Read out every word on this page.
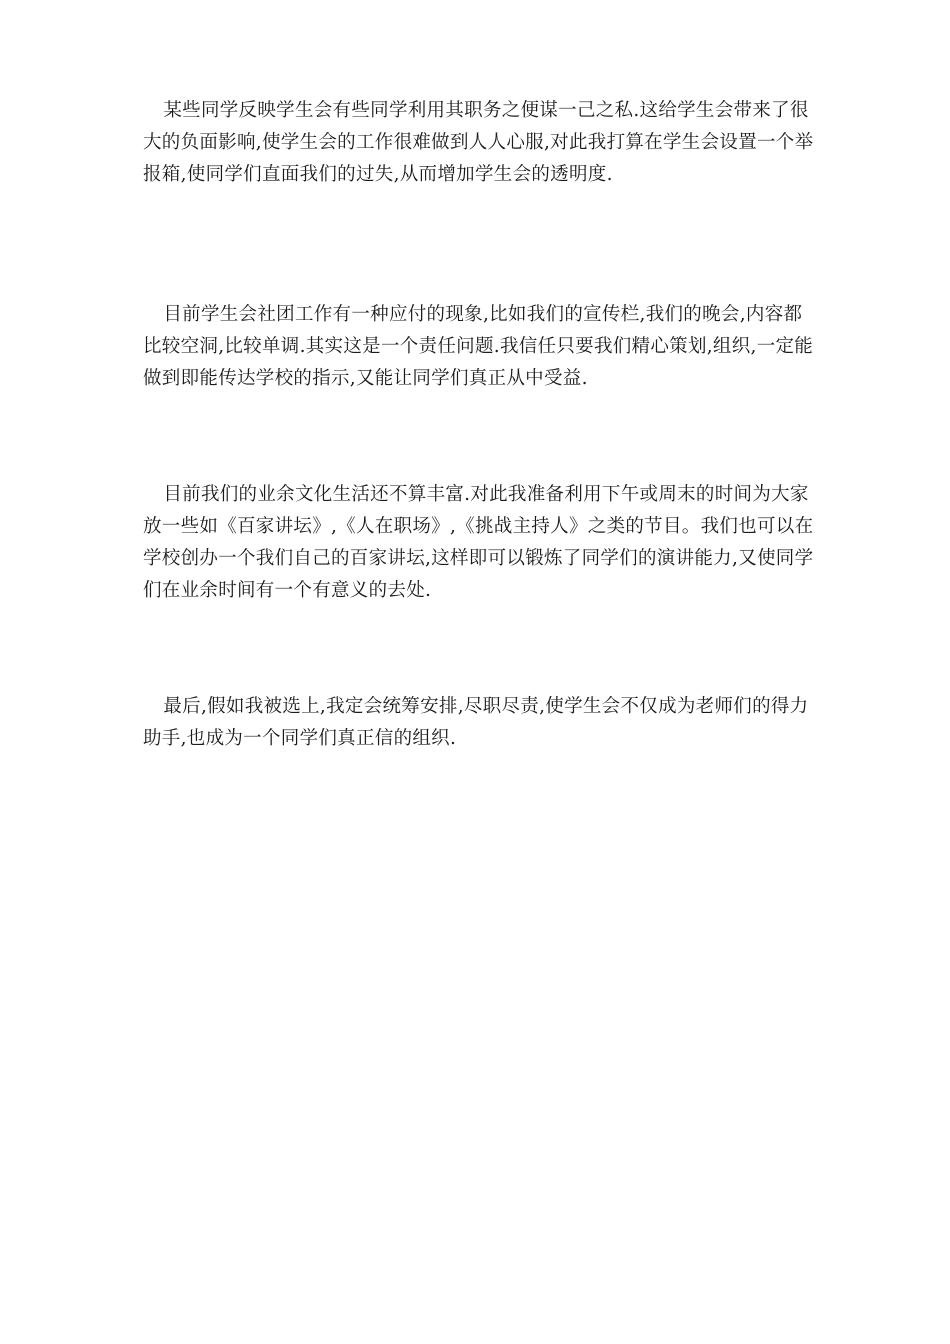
某些同学反映学生会有些同学利用其职务之便谋一己之私.这给学生会带来了很大的负面影响,使学生会的工作很难做到人人心服,对此我打算在学生会设置一个举报箱,使同学们直面我们的过失,从而增加学生会的透明度.

目前学生会社团工作有一种应付的现象,比如我们的宣传栏,我们的晚会,内容都比较空洞,比较单调.其实这是一个责任问题.我信任只要我们精心策划,组织,一定能做到即能传达学校的指示,又能让同学们真正从中受益.

目前我们的业余文化生活还不算丰富.对此我准备利用下午或周末的时间为大家放一些如《百家讲坛》,《人在职场》,《挑战主持人》之类的节目。我们也可以在学校创办一个我们自己的百家讲坛,这样即可以锻炼了同学们的演讲能力,又使同学们在业余时间有一个有意义的去处.

最后,假如我被选上,我定会统筹安排,尽职尽责,使学生会不仅成为老师们的得力助手,也成为一个同学们真正信的组织.
